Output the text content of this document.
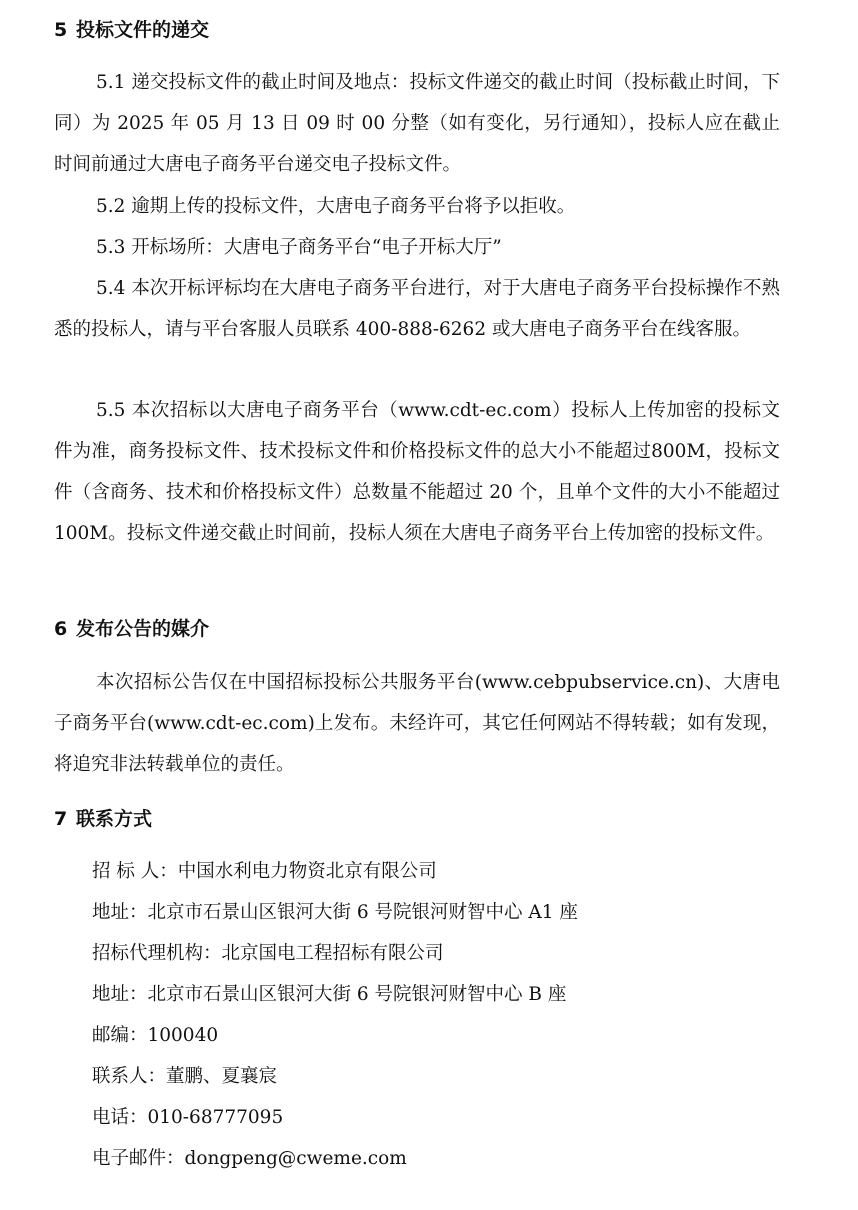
5 投标文件的递交

5.1 递交投标文件的截止时间及地点：投标文件递交的截止时间（投标截止时间，下同）为 2025 年 05 月 13 日 09 时 00 分整（如有变化，另行通知），投标人应在截止时间前通过大唐电子商务平台递交电子投标文件。

5.2 逾期上传的投标文件，大唐电子商务平台将予以拒收。

5.3 开标场所：大唐电子商务平台“电子开标大厅”

5.4 本次开标评标均在大唐电子商务平台进行，对于大唐电子商务平台投标操作不熟悉的投标人，请与平台客服人员联系 400-888-6262 或大唐电子商务平台在线客服。

5.5 本次招标以大唐电子商务平台（www.cdt-ec.com）投标人上传加密的投标文件为准，商务投标文件、技术投标文件和价格投标文件的总大小不能超过800M，投标文件（含商务、技术和价格投标文件）总数量不能超过 20 个，且单个文件的大小不能超过 100M。投标文件递交截止时间前，投标人须在大唐电子商务平台上传加密的投标文件。

6 发布公告的媒介

本次招标公告仅在中国招标投标公共服务平台(www.cebpubservice.cn)、大唐电子商务平台(www.cdt-ec.com)上发布。未经许可，其它任何网站不得转载；如有发现，将追究非法转载单位的责任。

7 联系方式
招 标 人：中国水利电力物资北京有限公司
地址：北京市石景山区银河大街 6 号院银河财智中心 A1 座
招标代理机构：北京国电工程招标有限公司
地址：北京市石景山区银河大街 6 号院银河财智中心 B 座
邮编：100040
联系人：董鹏、夏襄宸
电话：010-68777095
电子邮件：dongpeng@cweme.com
